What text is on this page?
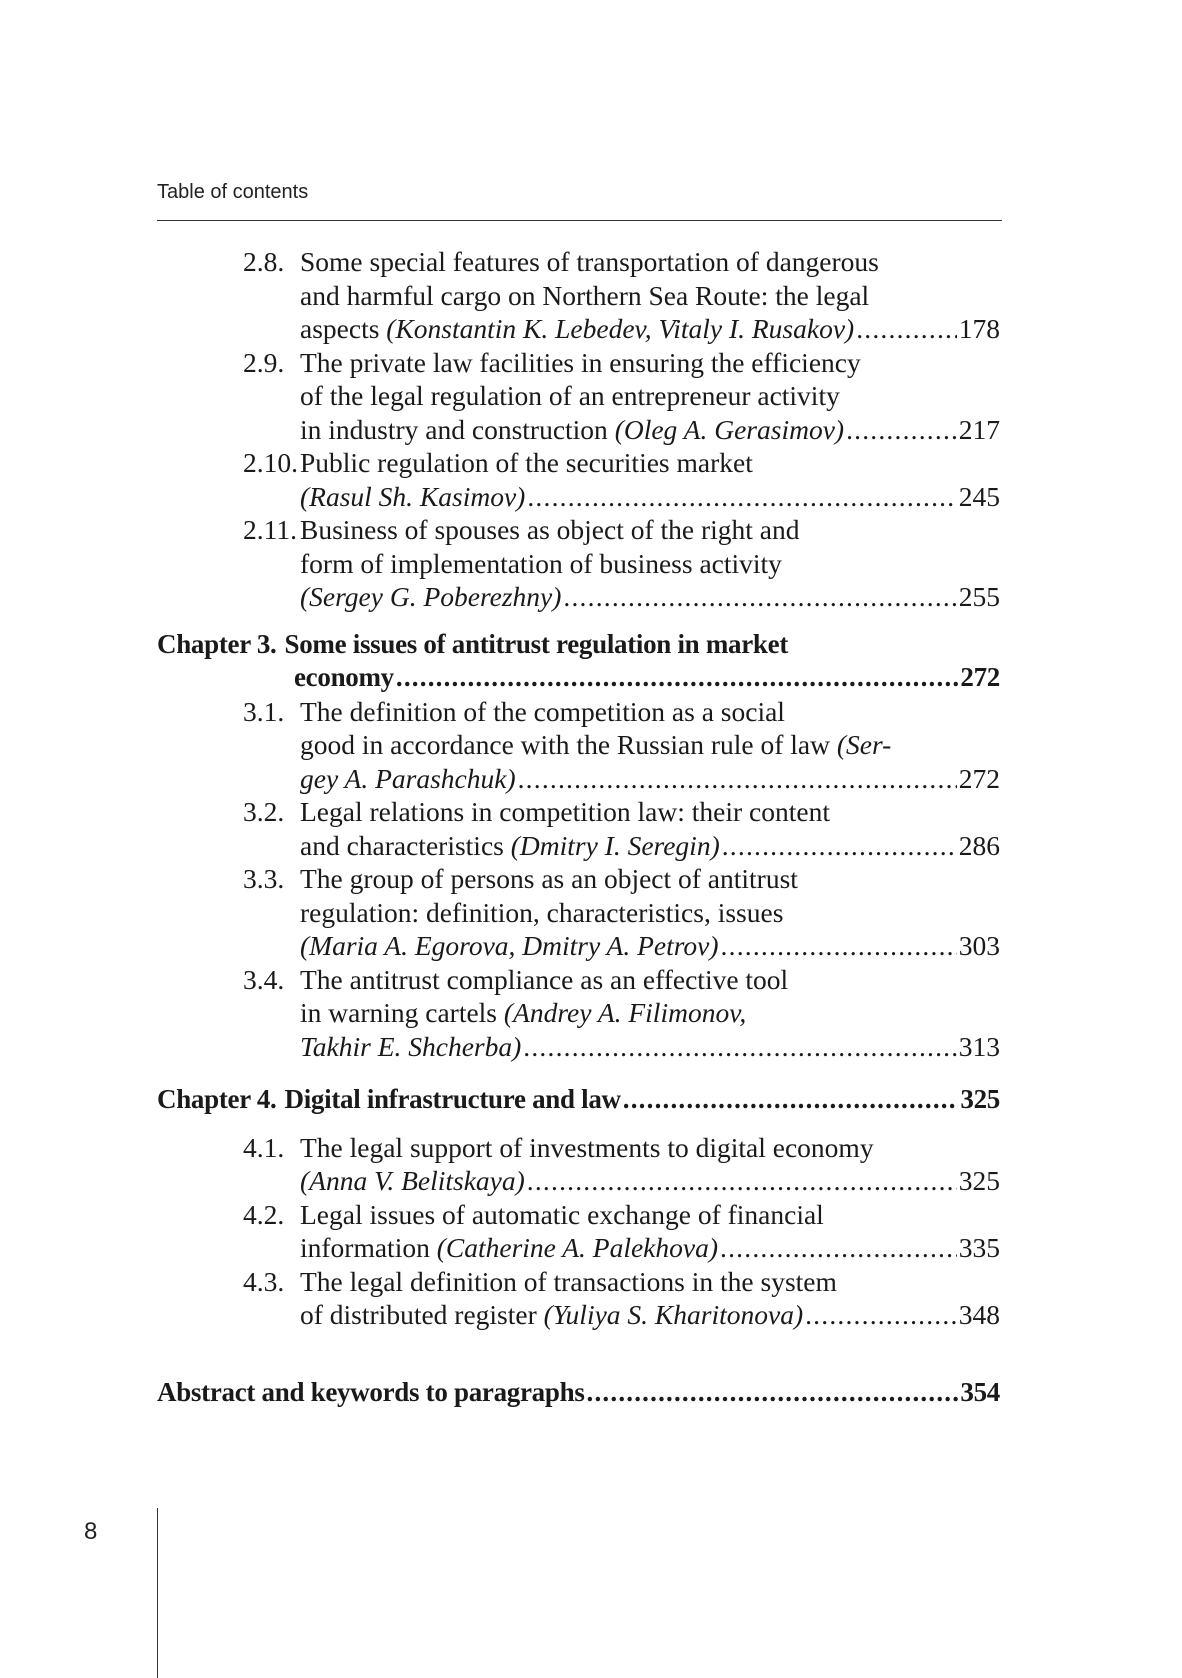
Table of contents
2.8. Some special features of transportation of dangerous
and harmful cargo on Northern Sea Route: the legal
aspects
(Konstantin K. Lebedev, Vitaly I. Rusakov) .....	178
2.9. The private law facilities in ensuring the efficiency
of the legal regulation of an entrepreneur activity
in industry and construction
(Oleg A. Gerasimov) .....	217
2.10. Public regulation of the securities market
(Rasul Sh. Kasimov) .....	245
2.11. Business of spouses as object of the right and
form of implementation of business activity
(Sergey G. Poberezhny) .....	255
Chapter 3. Some issues of antitrust regulation in market
economy .....	272
3.1. The definition of the competition as a social
good in accordance with the Russian rule of law
(Ser-
gey A. Parashchuk) .....	272
3.2. Legal relations in competition law: their content
and characteristics
(Dmitry I. Seregin) .....	286
3.3. The group of persons as an object of antitrust
regulation: definition, characteristics, issues
(Maria A. Egorova, Dmitry A. Petrov) .....	303
3.4. The antitrust compliance as an effective tool
in warning cartels
(Andrey A. Filimonov,
Takhir E. Shcherba) .....	313
Chapter 4. Digital infrastructure and law .....	325
4.1. The legal support of investments to digital economy
(Anna V. Belitskaya) .....	325
4.2. Legal issues of automatic exchange of financial
information
(Catherine A. Palekhova) .....	335
4.3. The legal definition of transactions in the system
of distributed register
(Yuliya S. Kharitonova) .....	348
Abstract and keywords to paragraphs .....	354
8
